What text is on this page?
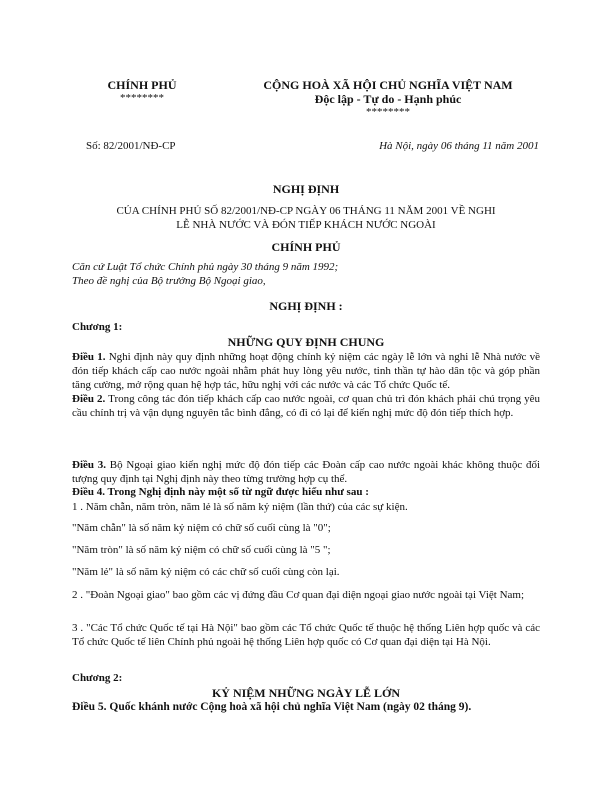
CHÍNH PHỦ
********
CỘNG HOÀ XÃ HỘI CHỦ NGHĨA VIỆT NAM
Độc lập - Tự do - Hạnh phúc
********
Số: 82/2001/NĐ-CP	Hà Nội, ngày 06 tháng 11 năm 2001
NGHỊ ĐỊNH
CỦA CHÍNH PHỦ SỐ 82/2001/NĐ-CP NGÀY 06 THÁNG 11 NĂM 2001 VỀ NGHI
LỄ NHÀ NƯỚC VÀ ĐÓN TIẾP KHÁCH NƯỚC NGOÀI
CHÍNH PHỦ
Căn cứ Luật Tổ chức Chính phủ ngày 30 tháng 9 năm 1992;
Theo đề nghị của Bộ trưởng Bộ Ngoại giao,
NGHỊ ĐỊNH :
Chương 1:
NHỮNG QUY ĐỊNH CHUNG
Điều 1. Nghi định này quy định những hoạt động chính kỷ niệm các ngày lễ lớn và nghi lễ Nhà nước về đón tiếp khách cấp cao nước ngoài nhằm phát huy lòng yêu nước, tinh thần tự hào dân tộc và góp phần tăng cường, mở rộng quan hệ hợp tác, hữu nghị với các nước và các Tổ chức Quốc tế.
Điều 2. Trong công tác đón tiếp khách cấp cao nước ngoài, cơ quan chủ trì đón khách phải chú trọng yêu cầu chính trị và vận dụng nguyên tắc bình đẳng, có đi có lại để kiến nghị mức độ đón tiếp thích hợp.
Điều 3. Bộ Ngoại giao kiến nghị mức độ đón tiếp các Đoàn cấp cao nước ngoài khác không thuộc đối tượng quy định tại Nghị định này theo từng trường hợp cụ thể.
Điều 4. Trong Nghị định này một số từ ngữ được hiểu như sau :
1 . Năm chẵn, năm tròn, năm lẻ là số năm kỷ niệm (lần thứ) của các sự kiện.
"Năm chẵn" là số năm kỷ niệm có chữ số cuối cùng là "0";
"Năm tròn" là số năm kỷ niệm có chữ số cuối cùng là "5 ";
"Năm lẻ" là số năm kỷ niệm có các chữ số cuối cùng còn lại.
2 . "Đoàn Ngoại giao" bao gồm các vị đứng đầu Cơ quan đại diện ngoại giao nước ngoài tại Việt Nam;
3 . "Các Tổ chức Quốc tế tại Hà Nội" bao gồm các Tổ chức Quốc tế thuộc hệ thống Liên hợp quốc và các Tổ chức Quốc tế liên Chính phủ ngoài hệ thống Liên hợp quốc có Cơ quan đại diện tại Hà Nội.
Chương 2:
KỶ NIỆM NHỮNG NGÀY LỄ LỚN
Điều 5. Quốc khánh nước Cộng hoà xã hội chủ nghĩa Việt Nam (ngày 02 tháng 9).
